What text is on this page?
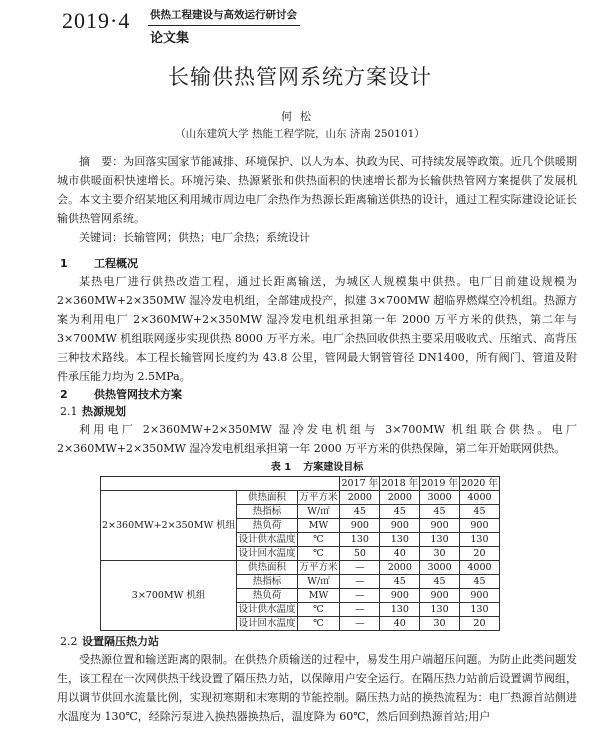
2019·4 供热工程建设与高效运行研讨会
论文集
长输供热管网系统方案设计
何松
（山东建筑大学 热能工程学院，山东 济南 250101）

摘　要：为回落实国家节能减排、环境保护、以人为本、执政为民、可持续发展等政策。近几个供暖期城市供暖面积快速增长。环境污染、热源紧张和供热面积的快速增长都为长输供热管网方案提供了发展机会。本文主要介绍某地区利用城市周边电厂余热作为热源长距离输送供热的设计，通过工程实际建设论证长输供热管网系统。

关键词：长输管网；供热；电厂余热；系统设计

1 工程概况

某热电厂进行供热改造工程，通过长距离输送，为城区人规模集中供热。电厂目前建设规模为2×360MW+2×350MW 湿冷发电机组，全部建成投产，拟建 3×700MW 超临界燃煤空冷机组。热源方案为利用电厂 2×360MW+2×350MW 湿冷发电机组承担第一年 2000 万平方米的供热，第二年与 3×700MW 机组联网逐步实现供热 8000 万平方米。电厂余热回收供热主要采用吸收式、压缩式、高背压三种技术路线。本工程长输管网长度约为 43.8 公里，管网最大钢管管径 DN1400，所有阀门、管道及附件承压能力均为 2.5MPa。

2 供热管网技术方案
2.1 热源规划

利用电厂 2×360MW+2×350MW 湿冷发电机组与 3×700MW 机组联合供热。电厂2×360MW+2×350MW 湿冷发电机组承担第一年 2000 万平方米的供热保障，第二年开始联网供热。

表 1 方案建设目标
			2017 年	2018 年	2019 年	2020 年
2×360MW+2×350MW 机组	供热面积	万平方米	2000	2000	3000	4000
	热指标	W/㎡	45	45	45	45
	热负荷	MW	900	900	900	900
	设计供水温度	℃	130	130	130	130
	设计回水温度	℃	50	40	30	20
3×700MW 机组	供热面积	万平方米	—	2000	3000	4000
	热指标	W/㎡	—	45	45	45
	热负荷	MW	—	900	900	900
	设计供水温度	℃	—	130	130	130
	设计回水温度	℃	—	40	30	20
2.2 设置隔压热力站

受热源位置和输送距离的限制。在供热介质输送的过程中，易发生用户端超压问题。为防止此类问题发生，该工程在一次网供热干线设置了隔压热力站，以保障用户安全运行。在隔压热力站前后设置调节阀组，用以调节供回水流量比例，实现初寒期和末寒期的节能控制。隔压热力站的换热流程为：电厂热源首站侧进水温度为 130℃，经除污泵进入换热器换热后，温度降为 60℃，然后回到热源首站;用户
